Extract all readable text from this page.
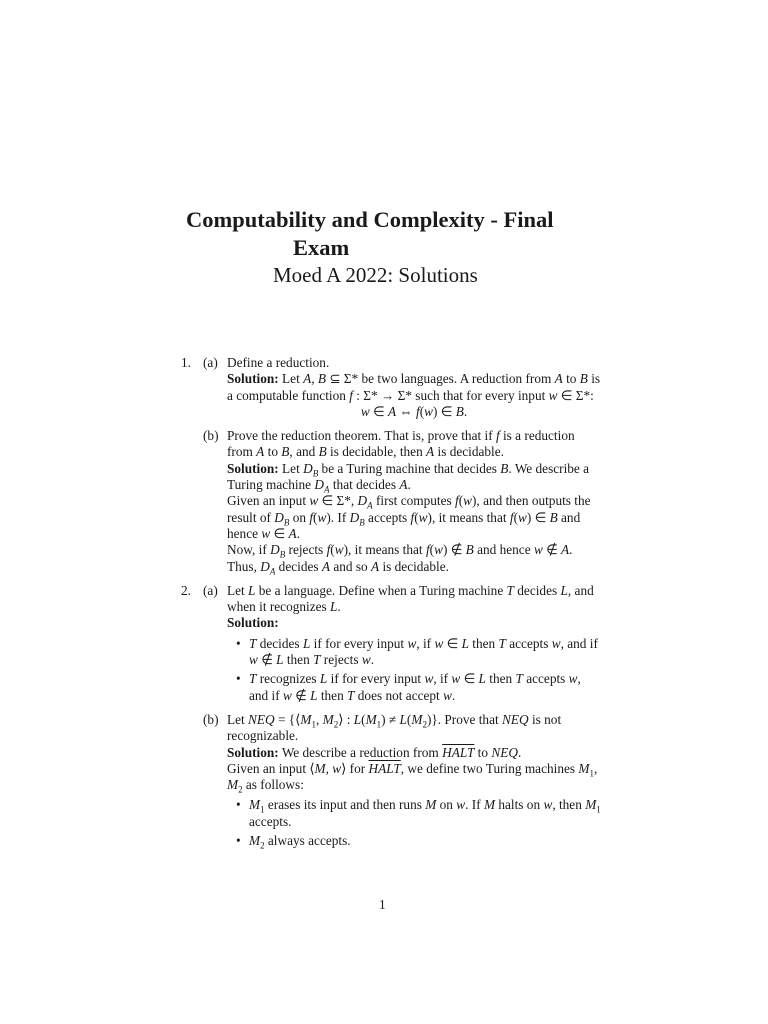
Computability and Complexity - Final
Exam
Moed A 2022: Solutions
1. (a) Define a reduction.
Solution: Let A, B ⊆ Σ* be two languages. A reduction from A to B is a computable function f : Σ* → Σ* such that for every input w ∈ Σ*:
w ∈ A ⇔ f(w) ∈ B.
(b) Prove the reduction theorem. That is, prove that if f is a reduction from A to B, and B is decidable, then A is decidable.
Solution: Let $D_B$ be a Turing machine that decides B. We describe a Turing machine $D_A$ that decides A.
Given an input w ∈ Σ*, $D_A$ first computes f(w), and then outputs the result of $D_B$ on f(w). If $D_B$ accepts f(w), it means that f(w) ∈ B and hence w ∈ A.
Now, if $D_B$ rejects f(w), it means that f(w) ∉ B and hence w ∉ A. Thus, $D_A$ decides A and so A is decidable.
2. (a) Let L be a language. Define when a Turing machine T decides L, and when it recognizes L.
Solution:
• T decides L if for every input w, if w ∈ L then T accepts w, and if w ∉ L then T rejects w.
• T recognizes L if for every input w, if w ∈ L then T accepts w, and if w ∉ L then T does not accept w.
(b) Let NEQ = {$⟨M_1$, $M_2⟩$ : $L(M_1) \ne L(M_2)$}. Prove that NEQ is not recognizable.
Solution: We describe a reduction from HALT to NEQ.
Given an input ⟨M, w⟩ for HALT, we define two Turing machines $M_1$, $M_2$ as follows:
• $M_1$ erases its input and then runs M on w. If M halts on w, then $M_1$ accepts.
• $M_2$ always accepts.
1
